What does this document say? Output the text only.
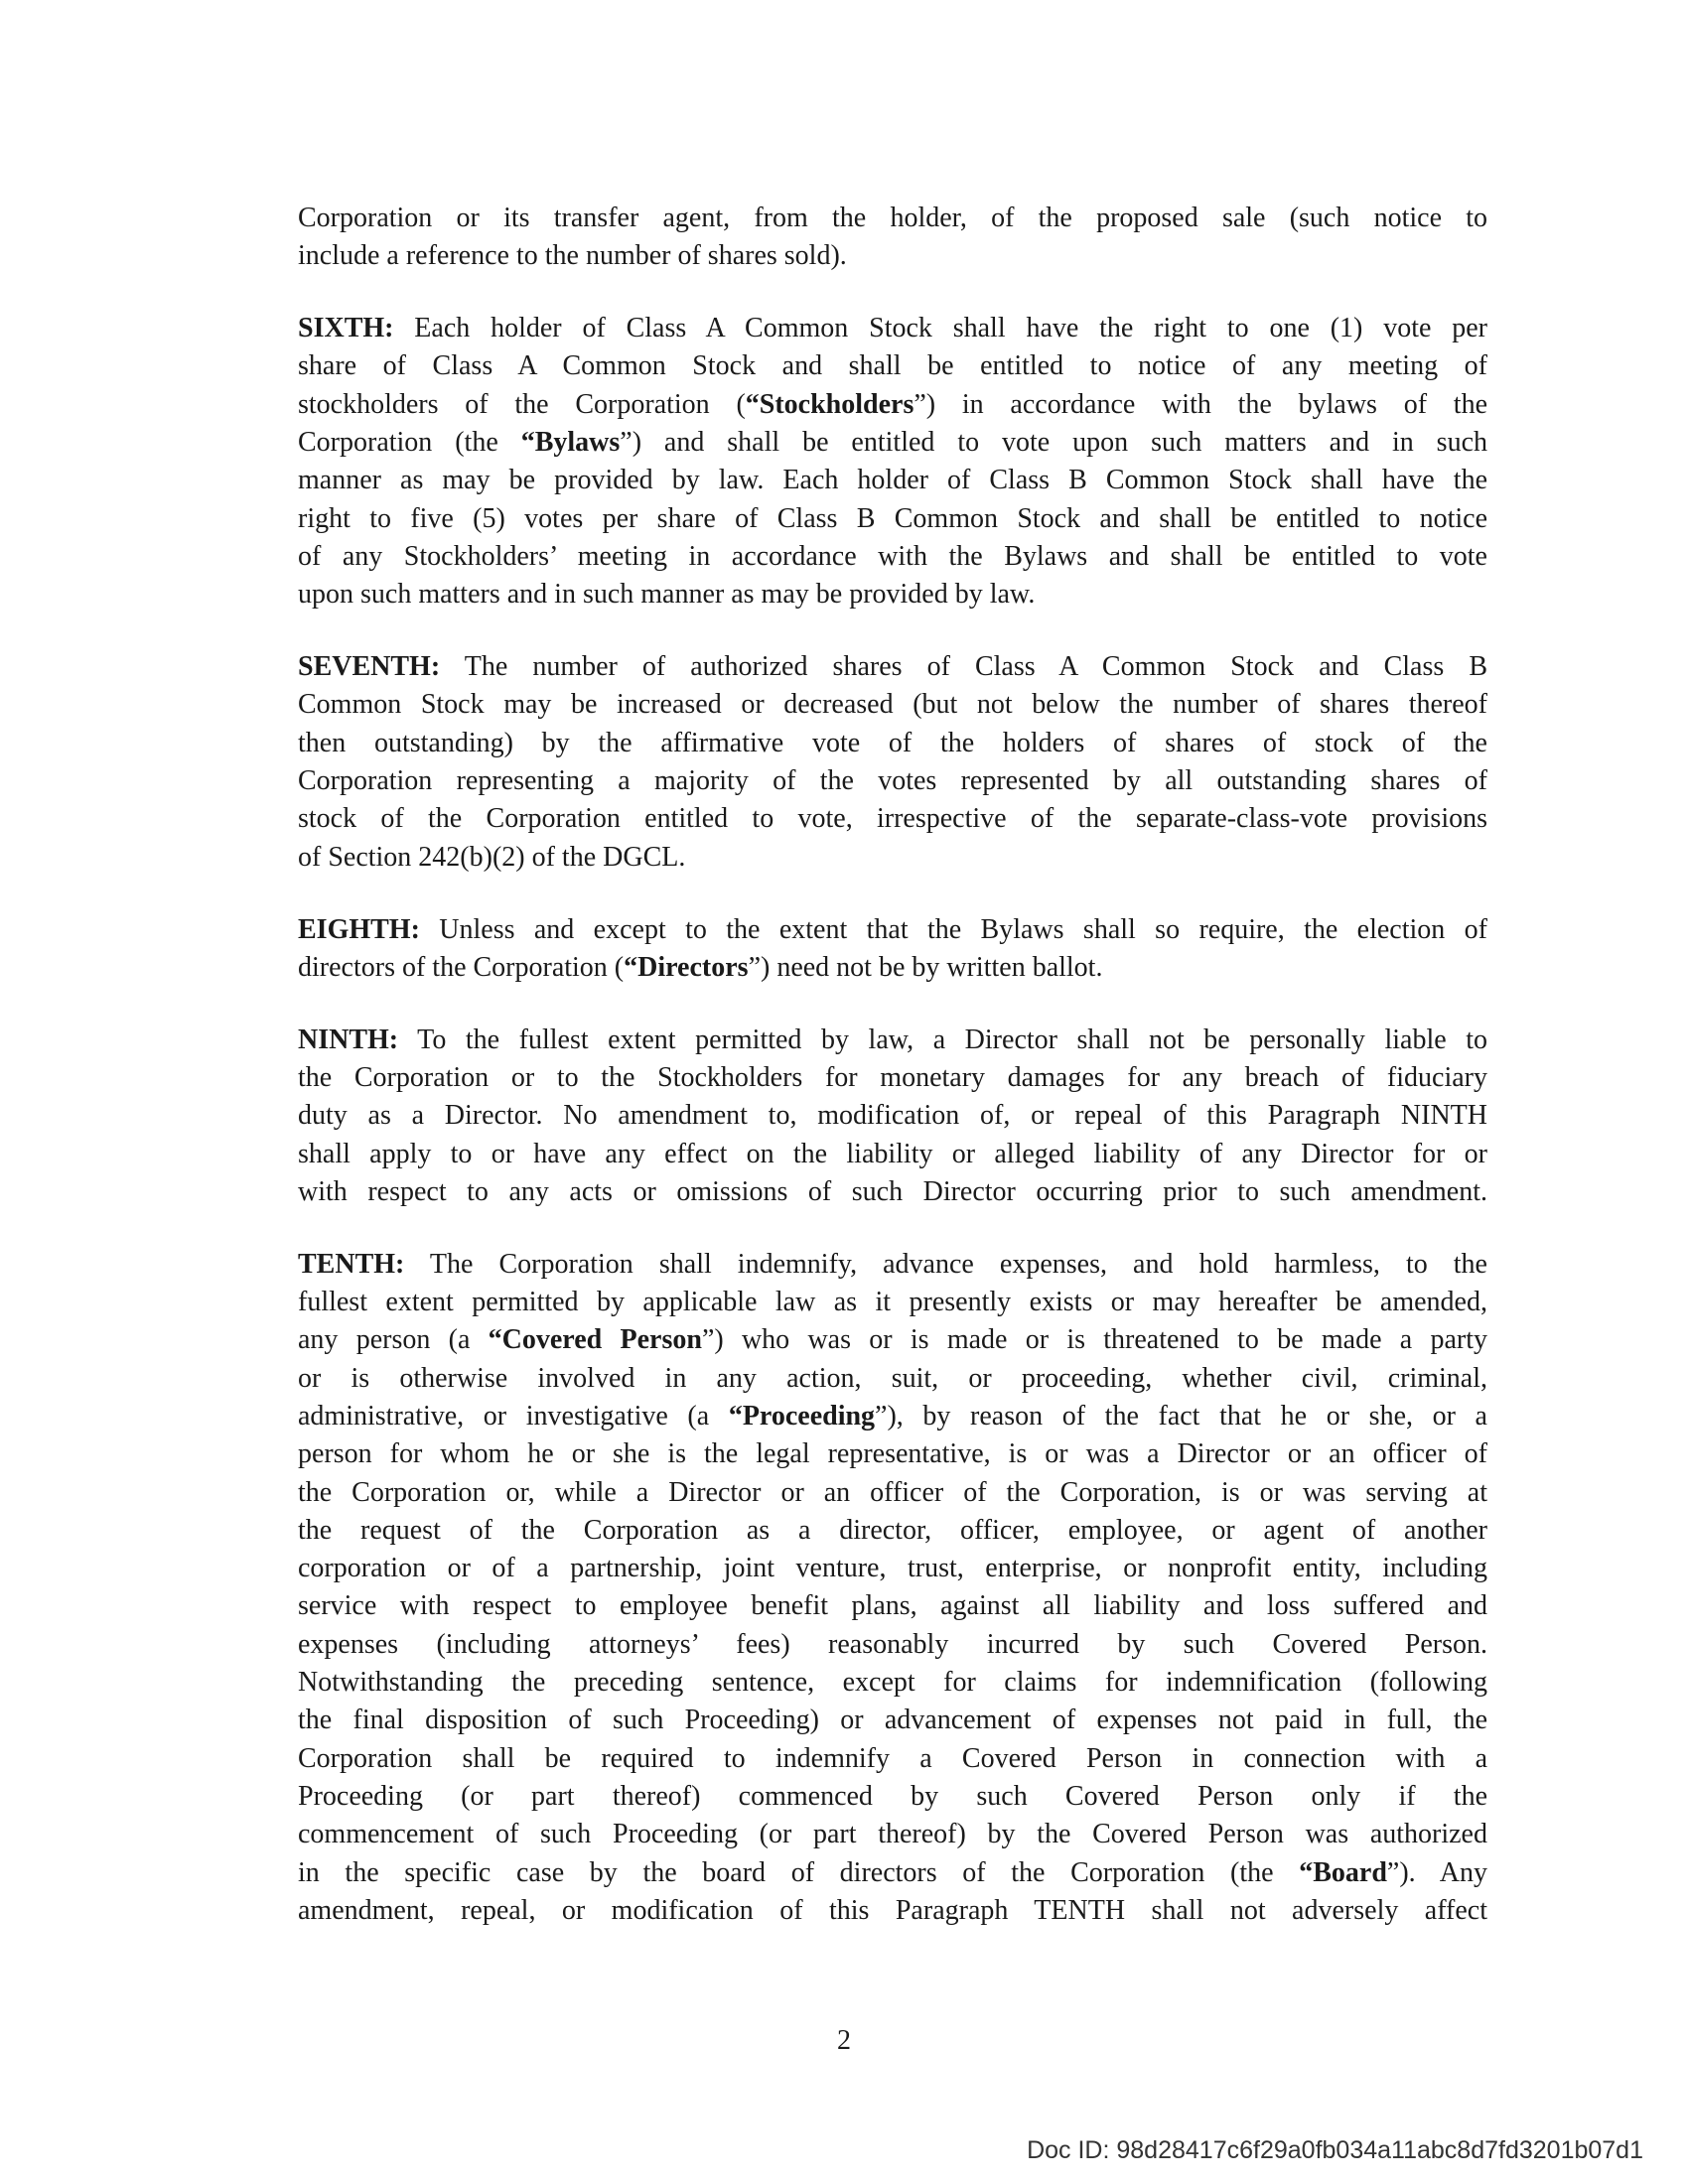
Corporation or its transfer agent, from the holder, of the proposed sale (such notice to
include a reference to the number of shares sold).
SIXTH: Each holder of Class A Common Stock shall have the right to one (1) vote per
share of Class A Common Stock and shall be entitled to notice of any meeting of
stockholders of the Corporation (“Stockholders”) in accordance with the bylaws of the
Corporation (the “Bylaws”) and shall be entitled to vote upon such matters and in such
manner as may be provided by law. Each holder of Class B Common Stock shall have the
right to five (5) votes per share of Class B Common Stock and shall be entitled to notice
of any Stockholders’ meeting in accordance with the Bylaws and shall be entitled to vote
upon such matters and in such manner as may be provided by law.
SEVENTH: The number of authorized shares of Class A Common Stock and Class B
Common Stock may be increased or decreased (but not below the number of shares thereof
then outstanding) by the affirmative vote of the holders of shares of stock of the
Corporation representing a majority of the votes represented by all outstanding shares of
stock of the Corporation entitled to vote, irrespective of the separate-class-vote provisions
of Section 242(b)(2) of the DGCL.
EIGHTH: Unless and except to the extent that the Bylaws shall so require, the election of
directors of the Corporation (“Directors”) need not be by written ballot.
NINTH: To the fullest extent permitted by law, a Director shall not be personally liable to
the Corporation or to the Stockholders for monetary damages for any breach of fiduciary
duty as a Director. No amendment to, modification of, or repeal of this Paragraph NINTH
shall apply to or have any effect on the liability or alleged liability of any Director for or
with respect to any acts or omissions of such Director occurring prior to such amendment.
TENTH: The Corporation shall indemnify, advance expenses, and hold harmless, to the
fullest extent permitted by applicable law as it presently exists or may hereafter be amended,
any person (a “Covered Person”) who was or is made or is threatened to be made a party
or is otherwise involved in any action, suit, or proceeding, whether civil, criminal,
administrative, or investigative (a “Proceeding”), by reason of the fact that he or she, or a
person for whom he or she is the legal representative, is or was a Director or an officer of
the Corporation or, while a Director or an officer of the Corporation, is or was serving at
the request of the Corporation as a director, officer, employee, or agent of another
corporation or of a partnership, joint venture, trust, enterprise, or nonprofit entity, including
service with respect to employee benefit plans, against all liability and loss suffered and
expenses (including attorneys’ fees) reasonably incurred by such Covered Person.
Notwithstanding the preceding sentence, except for claims for indemnification (following
the final disposition of such Proceeding) or advancement of expenses not paid in full, the
Corporation shall be required to indemnify a Covered Person in connection with a
Proceeding (or part thereof) commenced by such Covered Person only if the
commencement of such Proceeding (or part thereof) by the Covered Person was authorized
in the specific case by the board of directors of the Corporation (the “Board”). Any
amendment, repeal, or modification of this Paragraph TENTH shall not adversely affect
2
Doc ID: 98d28417c6f29a0fb034a11abc8d7fd3201b07d1
